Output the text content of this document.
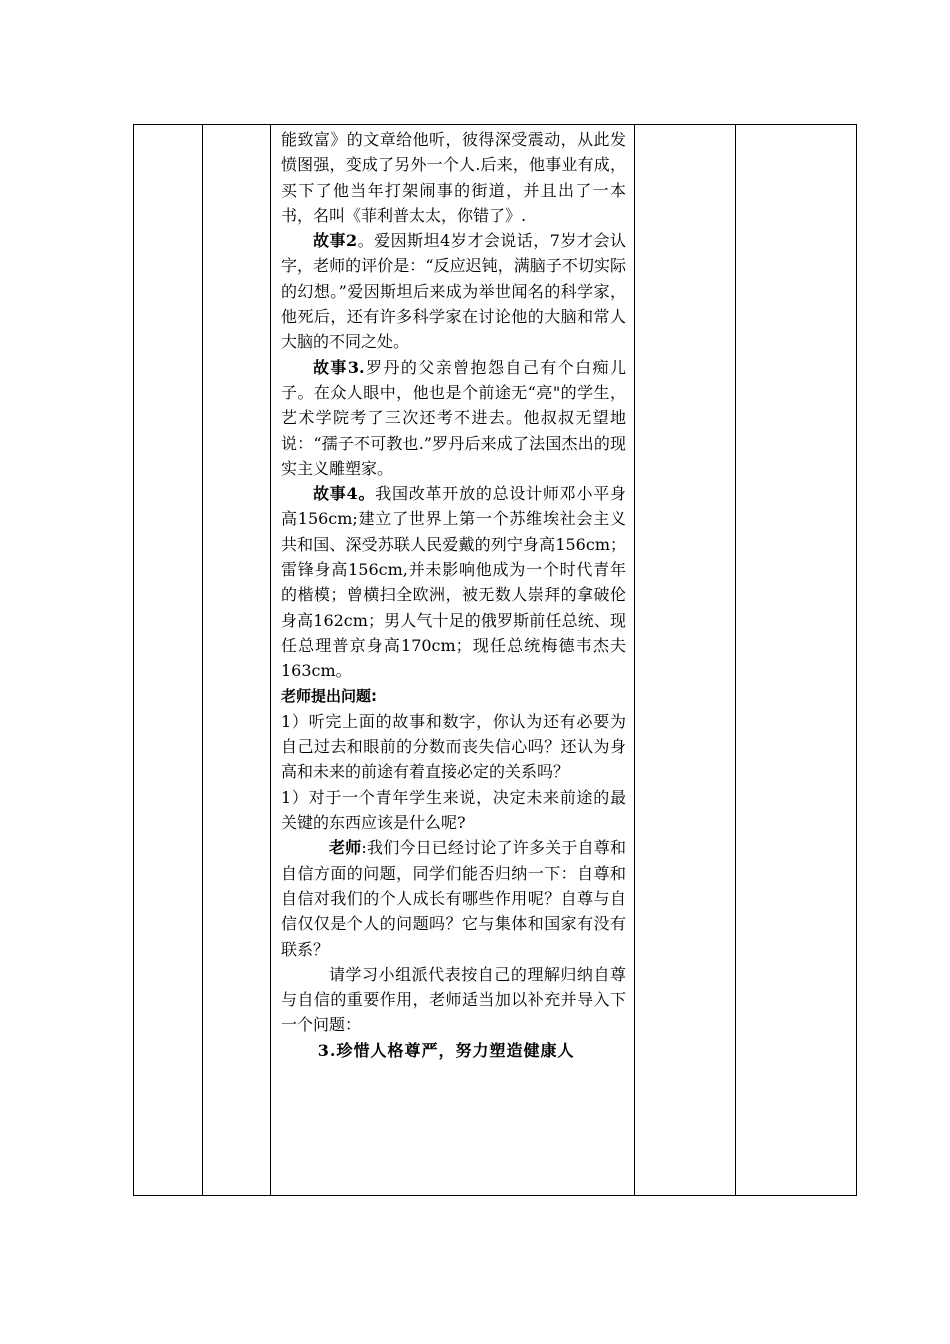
能致富》的文章给他听，彼得深受震动，从此发愤图强，变成了另外一个人.后来，他事业有成，买下了他当年打架闹事的街道，并且出了一本书，名叫《菲利普太太，你错了》.

故事2。爱因斯坦4岁才会说话，7岁才会认字，老师的评价是：“反应迟钝，满脑子不切实际的幻想。”爱因斯坦后来成为举世闻名的科学家，他死后，还有许多科学家在讨论他的大脑和常人大脑的不同之处。

故事3.罗丹的父亲曾抱怨自己有个白痴儿子。在众人眼中，他也是个前途无“亮"的学生，艺术学院考了三次还考不进去。他叔叔无望地说：“孺子不可教也.”罗丹后来成了法国杰出的现实主义雕塑家。

故事4。我国改革开放的总设计师邓小平身高156cm;建立了世界上第一个苏维埃社会主义共和国、深受苏联人民爱戴的列宁身高156cm；雷锋身高156cm,并未影响他成为一个时代青年的楷模；曾横扫全欧洲，被无数人崇拜的拿破伦身高162cm；男人气十足的俄罗斯前任总统、现任总理普京身高170cm；现任总统梅德韦杰夫163cm。

老师提出问题:

1）听完上面的故事和数字，你认为还有必要为自己过去和眼前的分数而丧失信心吗？还认为身高和未来的前途有着直接必定的关系吗？

1）对于一个青年学生来说，决定未来前途的最关键的东西应该是什么呢?

老师:我们今日已经讨论了许多关于自尊和自信方面的问题，同学们能否归纳一下：自尊和自信对我们的个人成长有哪些作用呢？自尊与自信仅仅是个人的问题吗？它与集体和国家有没有联系？

请学习小组派代表按自己的理解归纳自尊与自信的重要作用，老师适当加以补充并导入下一个问题：

3.珍惜人格尊严，努力塑造健康人
